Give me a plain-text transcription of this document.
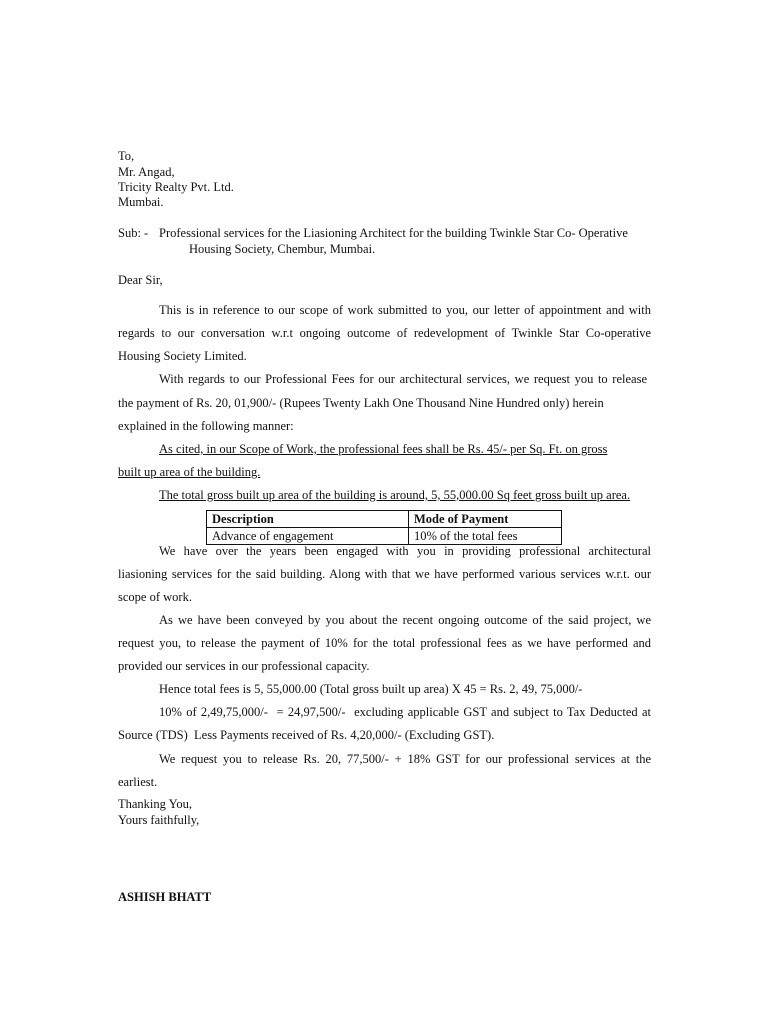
To,
Mr. Angad,
Tricity Realty Pvt. Ltd.
Mumbai.
Sub: - Professional services for the Liasioning Architect for the building Twinkle Star Co- Operative
Housing Society, Chembur, Mumbai.
Dear Sir,
This is in reference to our scope of work submitted to you, our letter of appointment and with
regards to our conversation w.r.t ongoing outcome of redevelopment of Twinkle Star Co-operative
Housing Society Limited.
With regards to our Professional Fees for our architectural services, we request you to release
the payment of Rs. 20, 01,900/- (Rupees Twenty Lakh One Thousand Nine Hundred only) herein
explained in the following manner:
As cited, in our Scope of Work, the professional fees shall be Rs. 45/- per Sq. Ft. on gross
built up area of the building.
The total gross built up area of the building is around, 5, 55,000.00 Sq feet gross built up area.
Description	Mode of Payment
Advance of engagement	10% of the total fees
We have over the years been engaged with you in providing professional architectural
liasioning services for the said building. Along with that we have performed various services w.r.t. our
scope of work.
As we have been conveyed by you about the recent ongoing outcome of the said project, we
request you, to release the payment of 10% for the total professional fees as we have performed and
provided our services in our professional capacity.
Hence total fees is 5, 55,000.00 (Total gross built up area) X 45 = Rs. 2, 49, 75,000/-
10% of 2,49,75,000/-  = 24,97,500/-  excluding applicable GST and subject to Tax Deducted at
Source (TDS)  Less Payments received of Rs. 4,20,000/- (Excluding GST).
We request you to release Rs. 20, 77,500/- + 18% GST for our professional services at the
earliest.
Thanking You,
Yours faithfully,
ASHISH BHATT
